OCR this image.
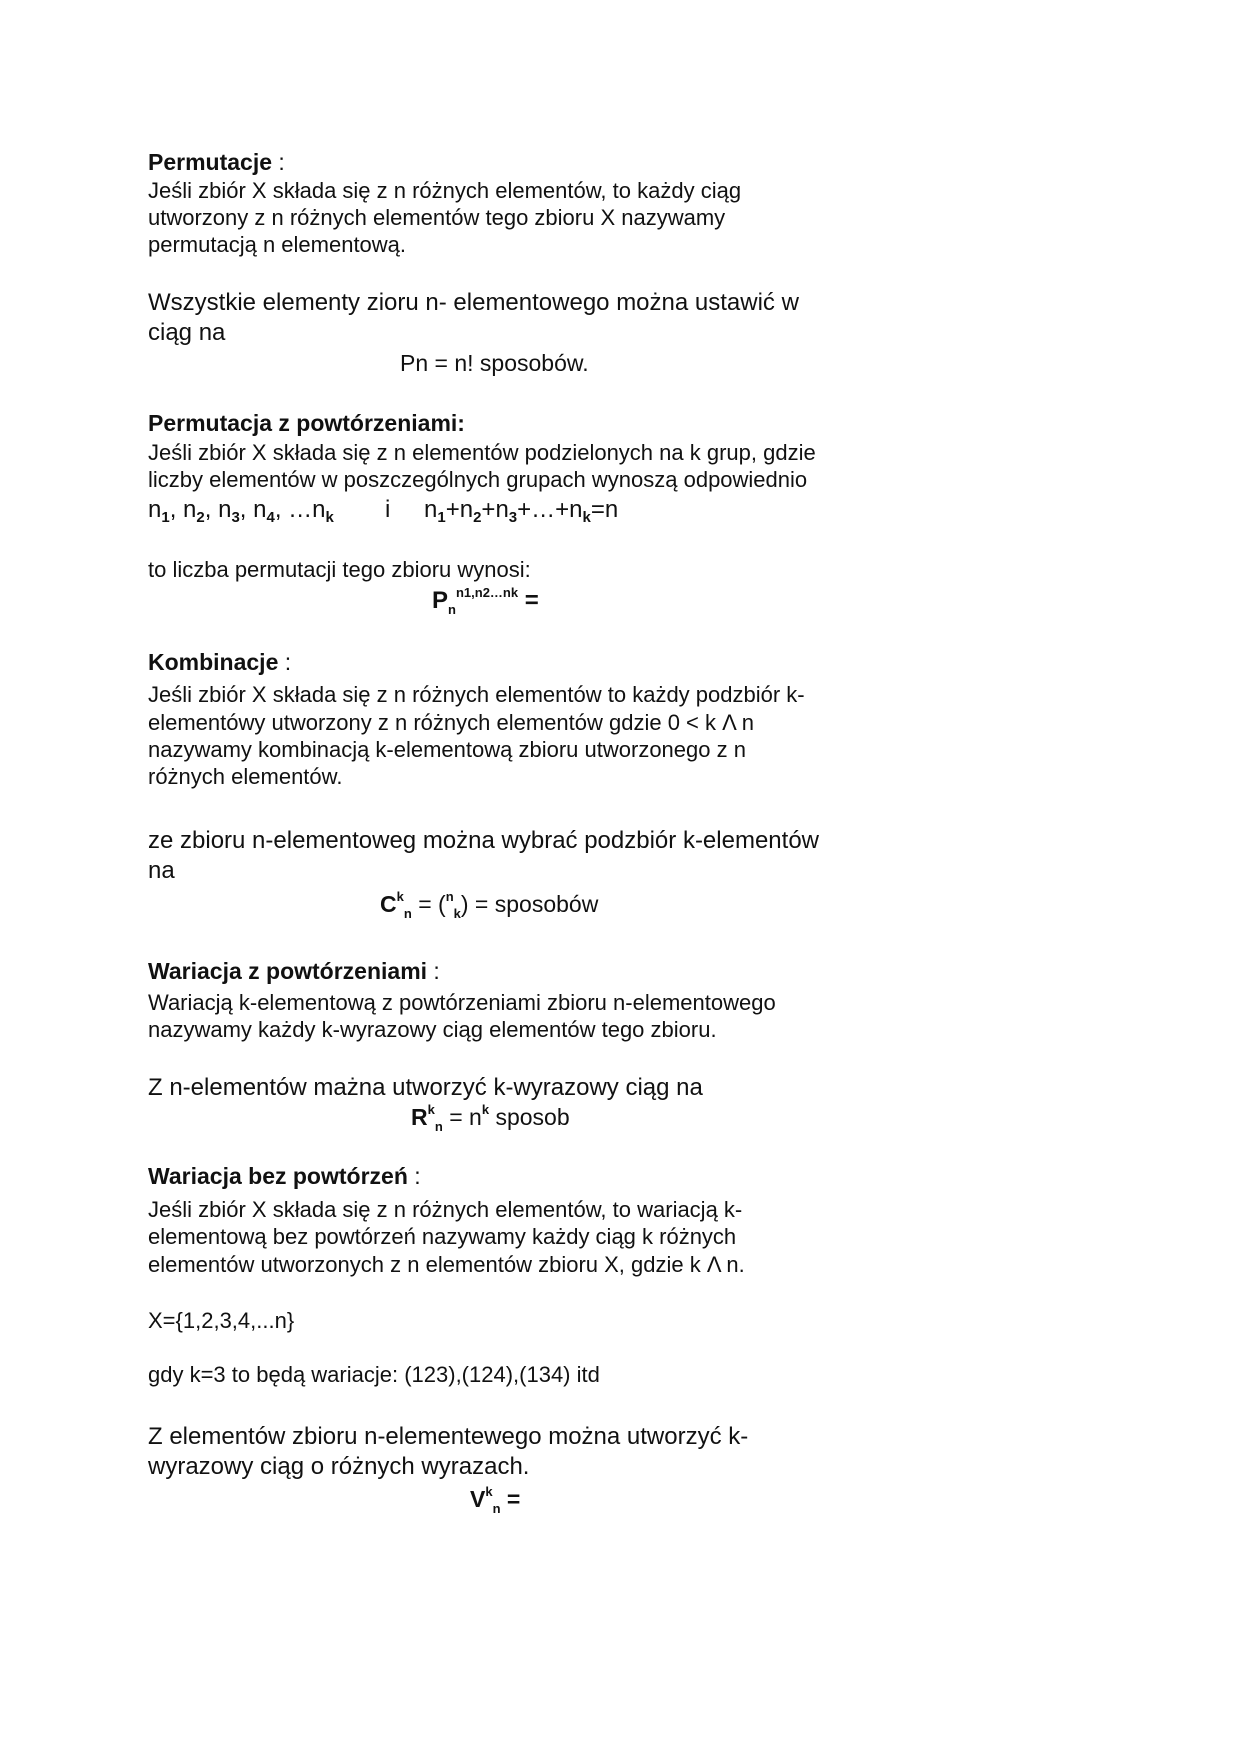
Permutacje :
Jeśli zbiór X składa się z n różnych elementów, to każdy ciąg
utworzony z n różnych elementów tego zbioru X nazywamy
permutacją n elementową.
Wszystkie elementy zioru n- elementowego można ustawić w
ciąg na
Pn = n! sposobów.
Permutacja z powtórzeniami:
Jeśli zbiór X składa się z n elementów podzielonych na k grup, gdzie
liczby elementów w poszczególnych grupach wynoszą odpowiednio
$n_1$, $n_2$, $n_3$, $n_4$, $\dots n_k$ i $n_1+n_2+n_3+\dots+n_k=n$
to liczba permutacji tego zbioru wynosi:
$P_n^{n1,n2\dots nk}$ =
Kombinacje :
Jeśli zbiór X składa się z n różnych elementów to każdy podzbiór k-
elementówy utworzony z n różnych elementów gdzie 0 < k Λ n
nazywamy kombinacją k-elementową zbioru utworzonego z n
różnych elementów.
ze zbioru n-elementoweg można wybrać podzbiór k-elementów
na
$C^k_n = (^n_k)$ = sposobów
Wariacja z powtórzeniami :
Wariacją k-elementową z powtórzeniami zbioru n-elementowego
nazywamy każdy k-wyrazowy ciąg elementów tego zbioru.
Z n-elementów mażna utworzyć k-wyrazowy ciąg na
$R^k_n = n^k$ sposob
Wariacja bez powtórzeń :
Jeśli zbiór X składa się z n różnych elementów, to wariacją k-
elementową bez powtórzeń nazywamy każdy ciąg k różnych
elementów utworzonych z n elementów zbioru X, gdzie k Λ n.
X={1,2,3,4,...n}
gdy k=3 to będą wariacje: (123),(124),(134) itd
Z elementów zbioru n-elementewego można utworzyć k-
wyrazowy ciąg o różnych wyrazach.
$V^k_n$ =
